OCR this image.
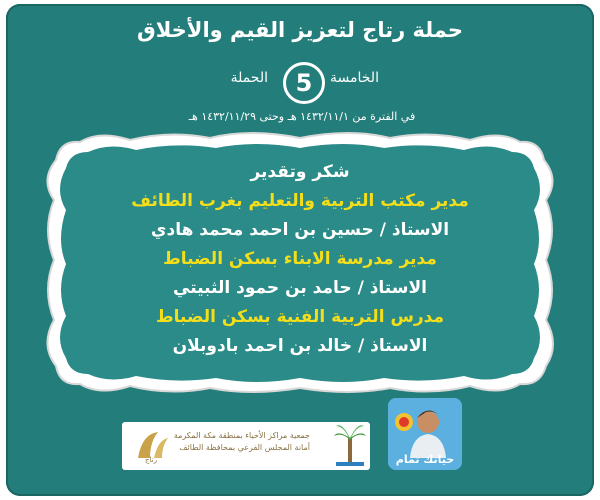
حملة رتاج لتعزيز القيم والأخلاق
الحملة	5	الخامسة
في الفترة من ١٤٣٢/١١/١ هـ وحتى ١٤٣٢/١١/٢٩ هـ
شكر وتقدير
مدير مكتب التربية والتعليم بغرب الطائف
الاستاذ / حسين بن احمد محمد هادي
مدير مدرسة الابناء بسكن الضباط
الاستاذ / حامد بن حمود الثبيتي
مدرس التربية الفنية بسكن الضباط
الاستاذ / خالد بن احمد بادوبلان
رتاج
جمعية مراكز الأحياء بمنطقة مكة المكرمة
أمانة المجلس الفرعي بمحافظة الطائف
حياتك تمام
